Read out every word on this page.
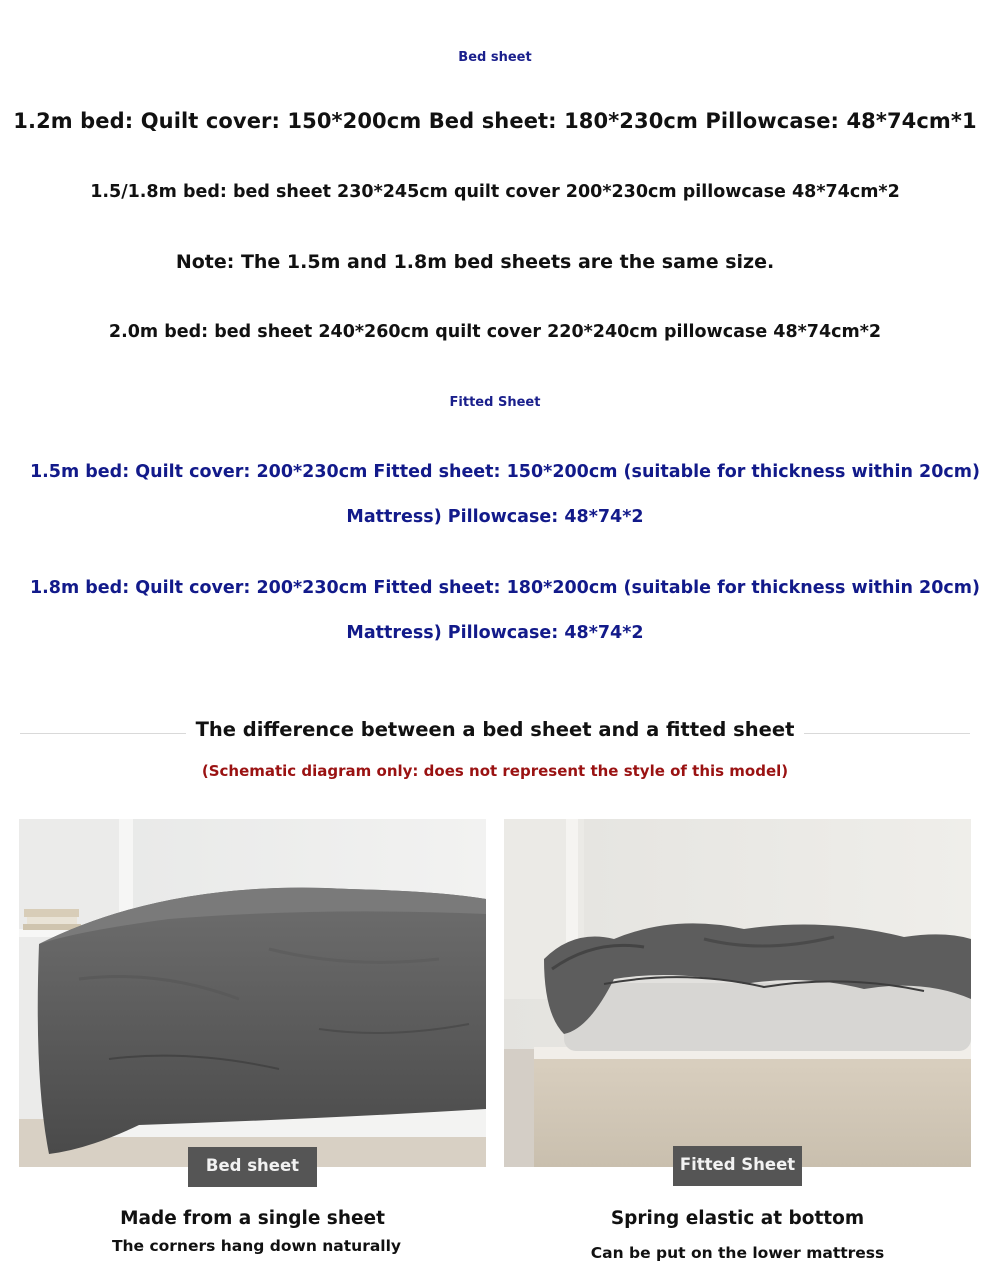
Bed sheet
1.2m bed: Quilt cover: 150*200cm Bed sheet: 180*230cm Pillowcase: 48*74cm*1
1.5/1.8m bed: bed sheet 230*245cm quilt cover 200*230cm pillowcase 48*74cm*2
Note: The 1.5m and 1.8m bed sheets are the same size.
2.0m bed: bed sheet 240*260cm quilt cover 220*240cm pillowcase 48*74cm*2
Fitted Sheet
1.5m bed: Quilt cover: 200*230cm Fitted sheet: 150*200cm (suitable for thickness within 20cm)
Mattress) Pillowcase: 48*74*2
1.8m bed: Quilt cover: 200*230cm Fitted sheet: 180*200cm (suitable for thickness within 20cm)
Mattress) Pillowcase: 48*74*2
The difference between a bed sheet and a fitted sheet
(Schematic diagram only: does not represent the style of this model)
Bed sheet
Made from a single sheet
The corners hang down naturally
Fitted Sheet
Spring elastic at bottom
Can be put on the lower mattress
